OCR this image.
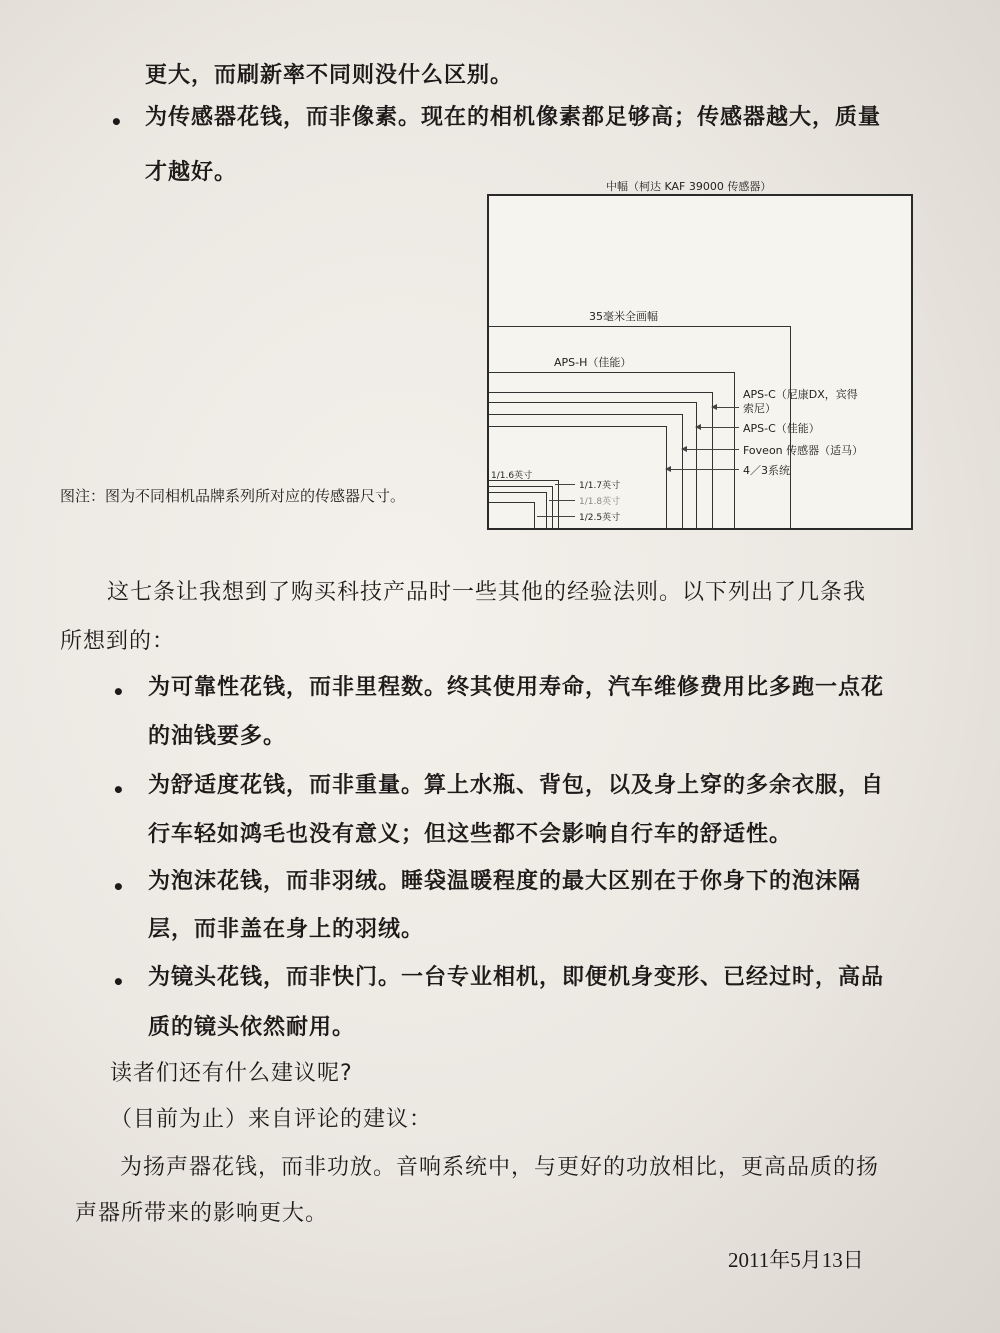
更大，而刷新率不同则没什么区别。
• 为传感器花钱，而非像素。现在的相机像素都足够高；传感器越大，质量
才越好。
中幅（柯达 KAF 39000 传感器）
35毫米全画幅
APS-H（佳能）
APS-C（尼康DX，宾得
索尼）
APS-C（佳能）
Foveon 传感器（适马）
4／3系统
1/1.6英寸
1/1.7英寸
1/1.8英寸
1/2.5英寸
图注：图为不同相机品牌系列所对应的传感器尺寸。
这七条让我想到了购买科技产品时一些其他的经验法则。以下列出了几条我
所想到的：
• 为可靠性花钱，而非里程数。终其使用寿命，汽车维修费用比多跑一点花
的油钱要多。
• 为舒适度花钱，而非重量。算上水瓶、背包，以及身上穿的多余衣服，自
行车轻如鸿毛也没有意义；但这些都不会影响自行车的舒适性。
• 为泡沫花钱，而非羽绒。睡袋温暖程度的最大区别在于你身下的泡沫隔
层，而非盖在身上的羽绒。
• 为镜头花钱，而非快门。一台专业相机，即便机身变形、已经过时，高品
质的镜头依然耐用。
读者们还有什么建议呢?
（目前为止）来自评论的建议：
为扬声器花钱，而非功放。音响系统中，与更好的功放相比，更高品质的扬
声器所带来的影响更大。
2011年5月13日
